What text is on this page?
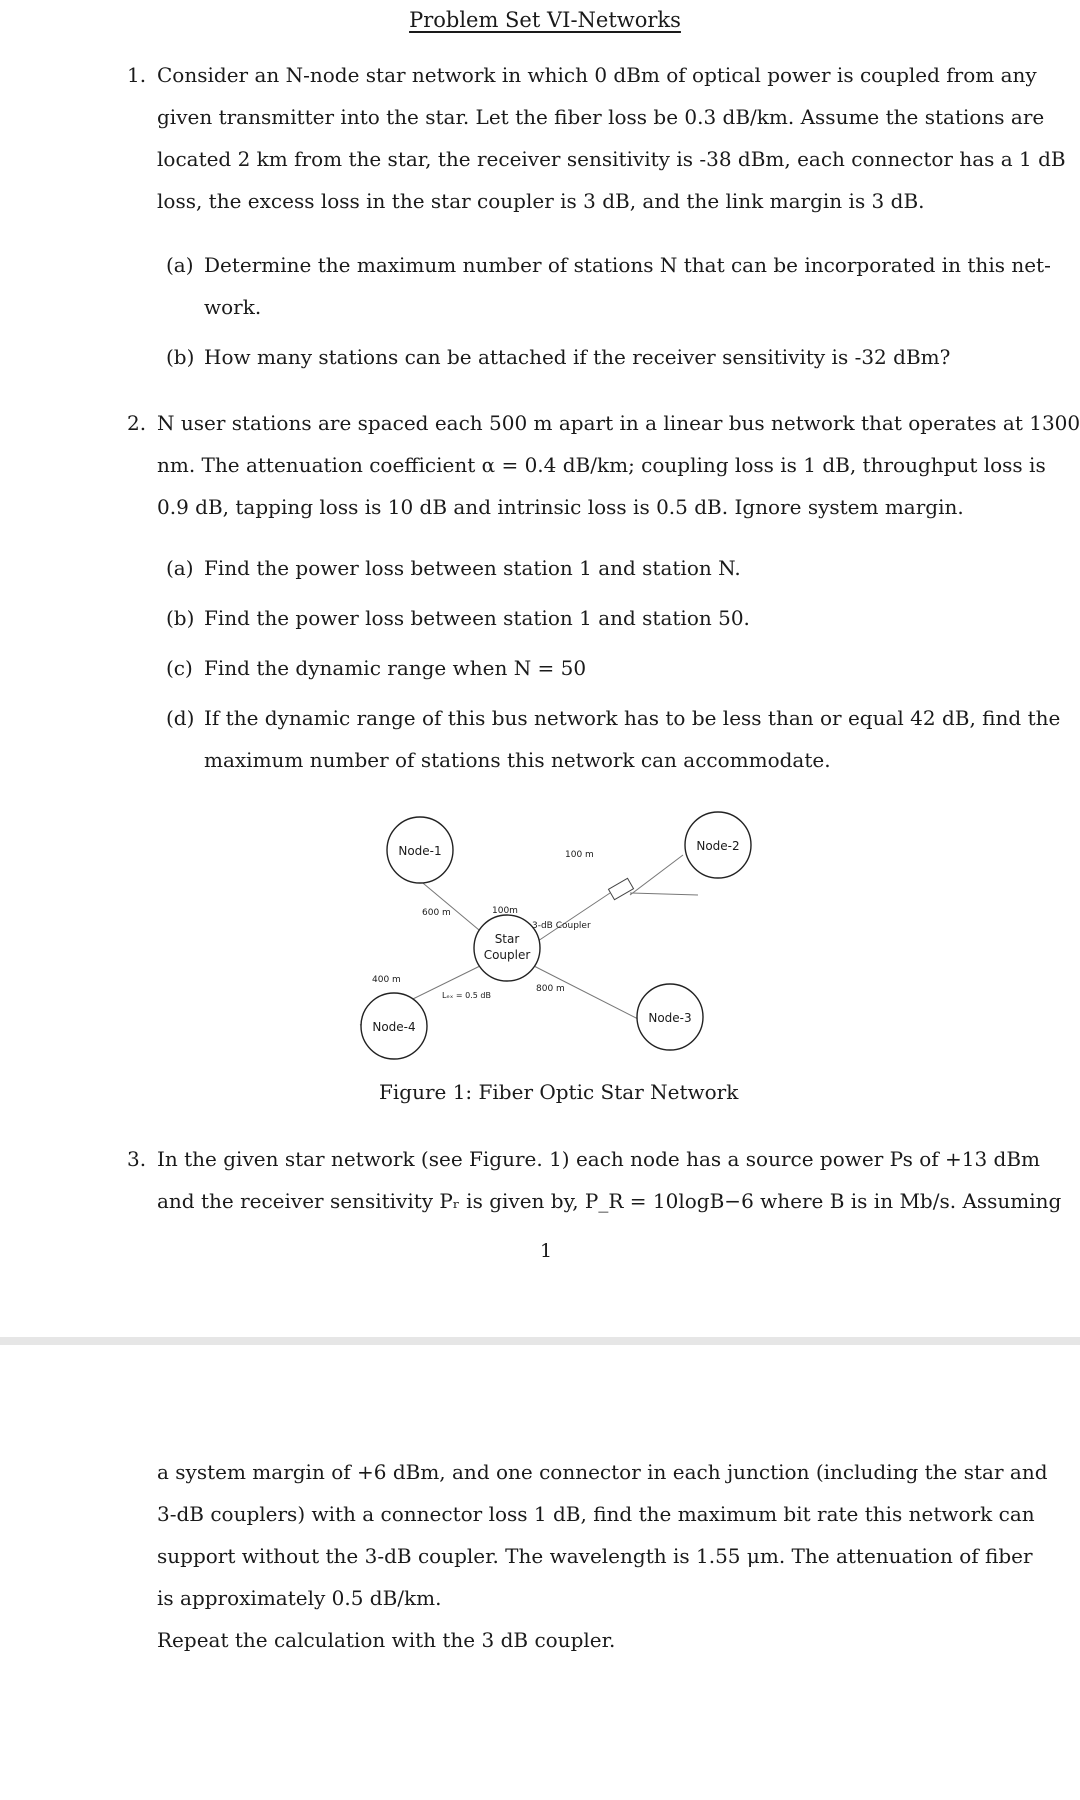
Problem Set VI-Networks
1. Consider an N-node star network in which 0 dBm of optical power is coupled from any
given transmitter into the star. Let the fiber loss be 0.3 dB/km. Assume the stations are
located 2 km from the star, the receiver sensitivity is -38 dBm, each connector has a 1 dB
loss, the excess loss in the star coupler is 3 dB, and the link margin is 3 dB.
(a) Determine the maximum number of stations N that can be incorporated in this net-
work.
(b) How many stations can be attached if the receiver sensitivity is -32 dBm?
2. N user stations are spaced each 500 m apart in a linear bus network that operates at 1300
nm. The attenuation coefficient α = 0.4 dB/km; coupling loss is 1 dB, throughput loss is
0.9 dB, tapping loss is 10 dB and intrinsic loss is 0.5 dB. Ignore system margin.
(a) Find the power loss between station 1 and station N.
(b) Find the power loss between station 1 and station 50.
(c) Find the dynamic range when N = 50
(d) If the dynamic range of this bus network has to be less than or equal 42 dB, find the
maximum number of stations this network can accommodate.
Node-1	Node-2
Node-3
Node-4
Star
Coupler
600 m	100m
100 m
400 m
800 m
3-dB Coupler
Lₑₓ = 0.5 dB
Figure 1: Fiber Optic Star Network
3. In the given star network (see Figure. 1) each node has a source power Ps of +13 dBm
and the receiver sensitivity Pᵣ is given by, P_R = 10logB−6 where B is in Mb/s. Assuming
1
a system margin of +6 dBm, and one connector in each junction (including the star and
3-dB couplers) with a connector loss 1 dB, find the maximum bit rate this network can
support without the 3-dB coupler. The wavelength is 1.55 μm. The attenuation of fiber
is approximately 0.5 dB/km.
Repeat the calculation with the 3 dB coupler.
